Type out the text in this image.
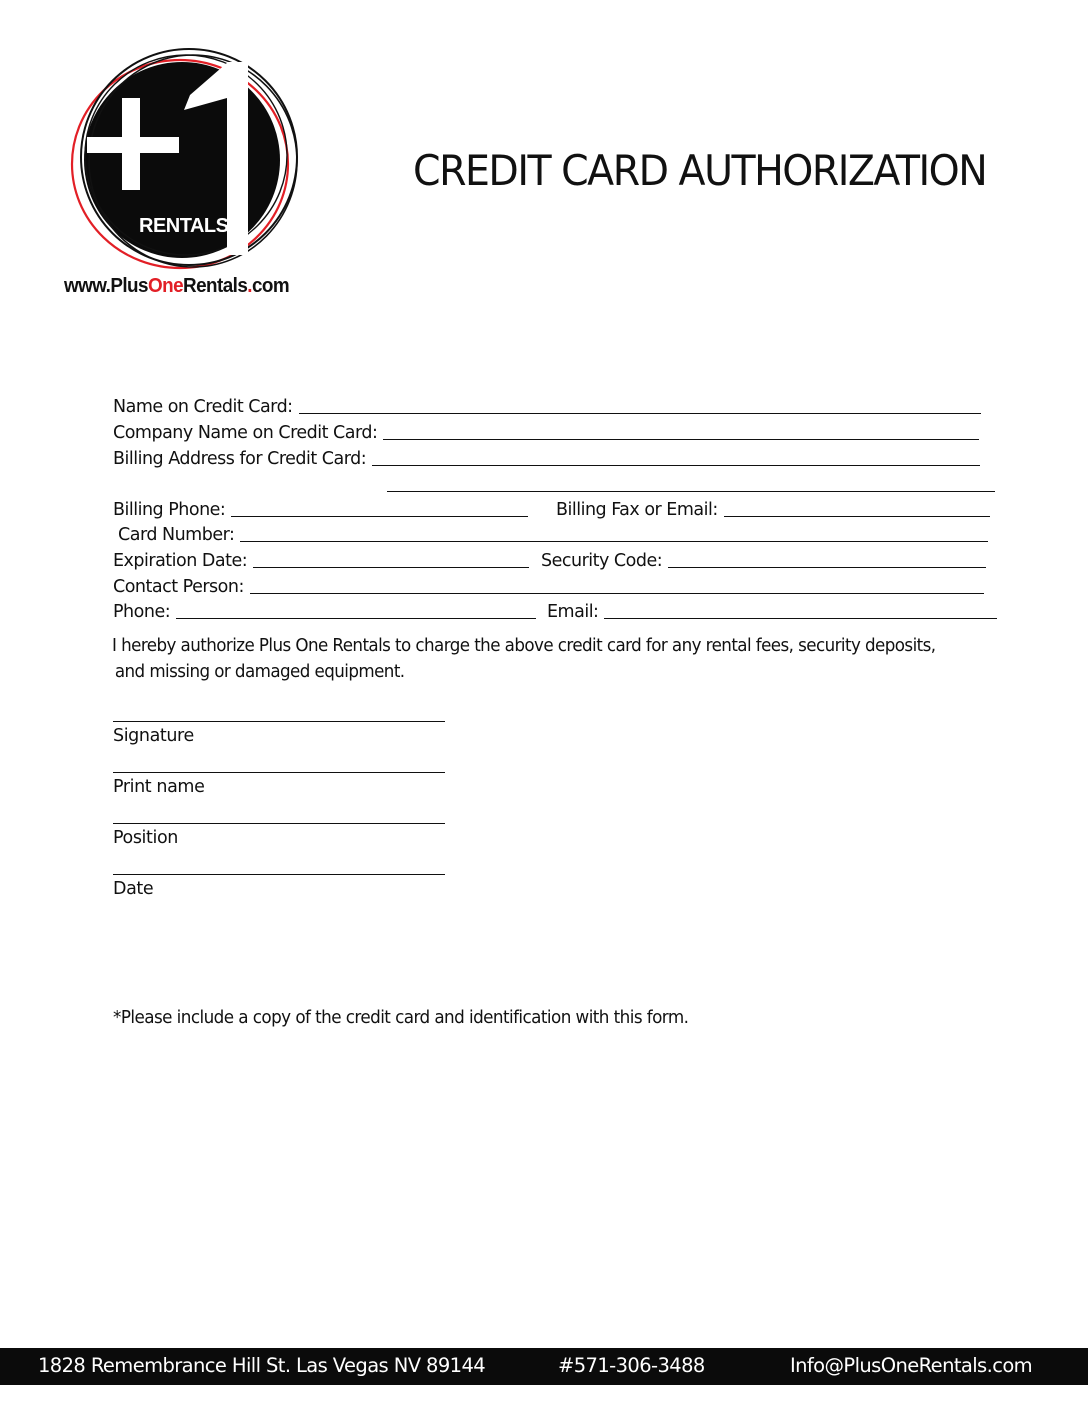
RENTALS
www.PlusOneRentals.com
CREDIT CARD AUTHORIZATION
Name on Credit Card:
Company Name on Credit Card:
Billing Address for Credit Card:
Billing Phone:	Billing Fax or Email:
Card Number:
Expiration Date:	Security Code:
Contact Person:
Phone:	Email:
I hereby authorize Plus One Rentals to charge the above credit card for any rental fees, security deposits,
and missing or damaged equipment.
Signature
Print name
Position
Date
*Please include a copy of the credit card and identification with this form.
1828 Remembrance Hill St. Las Vegas NV 89144	#571-306-3488	Info@PlusOneRentals.com
